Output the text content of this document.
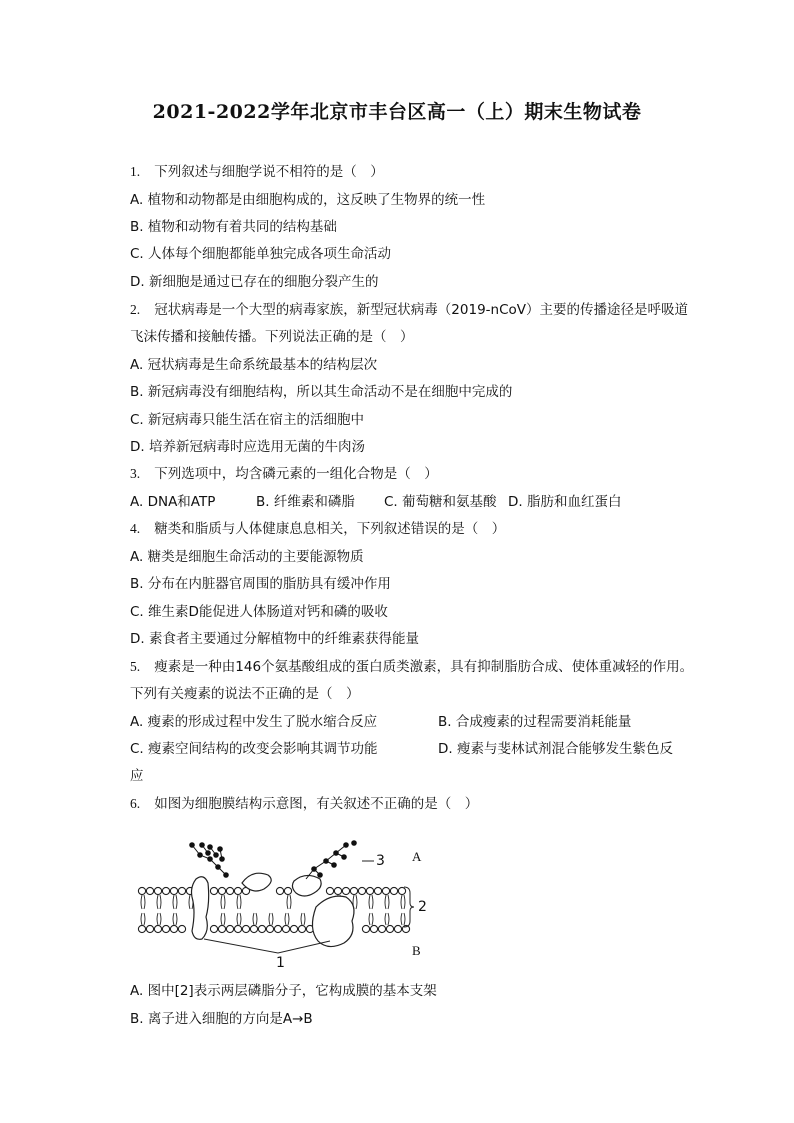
2021-2022学年北京市丰台区高一（上）期末生物试卷
1. 下列叙述与细胞学说不相符的是（　）
A. 植物和动物都是由细胞构成的，这反映了生物界的统一性
B. 植物和动物有着共同的结构基础
C. 人体每个细胞都能单独完成各项生命活动
D. 新细胞是通过已存在的细胞分裂产生的
2. 冠状病毒是一个大型的病毒家族，新型冠状病毒（2019-nCoV）主要的传播途径是呼吸道
飞沫传播和接触传播。下列说法正确的是（　）
A. 冠状病毒是生命系统最基本的结构层次
B. 新冠病毒没有细胞结构，所以其生命活动不是在细胞中完成的
C. 新冠病毒只能生活在宿主的活细胞中
D. 培养新冠病毒时应选用无菌的牛肉汤
3. 下列选项中，均含磷元素的一组化合物是（　）
A. DNA和ATP	B. 纤维素和磷脂 C. 葡萄糖和氨基酸 D. 脂肪和血红蛋白
4. 糖类和脂质与人体健康息息相关，下列叙述错误的是（　）
A. 糖类是细胞生命活动的主要能源物质
B. 分布在内脏器官周围的脂肪具有缓冲作用
C. 维生素D能促进人体肠道对钙和磷的吸收
D. 素食者主要通过分解植物中的纤维素获得能量
5. 瘦素是一种由146个氨基酸组成的蛋白质类激素，具有抑制脂肪合成、使体重减轻的作用。
下列有关瘦素的说法不正确的是（　）
A. 瘦素的形成过程中发生了脱水缩合反应	B. 合成瘦素的过程需要消耗能量
C. 瘦素空间结构的改变会影响其调节功能	D. 瘦素与斐林试剂混合能够发生紫色反
应
6. 如图为细胞膜结构示意图，有关叙述不正确的是（　）
3 A
2
B
1
A. 图中[2]表示两层磷脂分子，它构成膜的基本支架
B. 离子进入细胞的方向是A→B
